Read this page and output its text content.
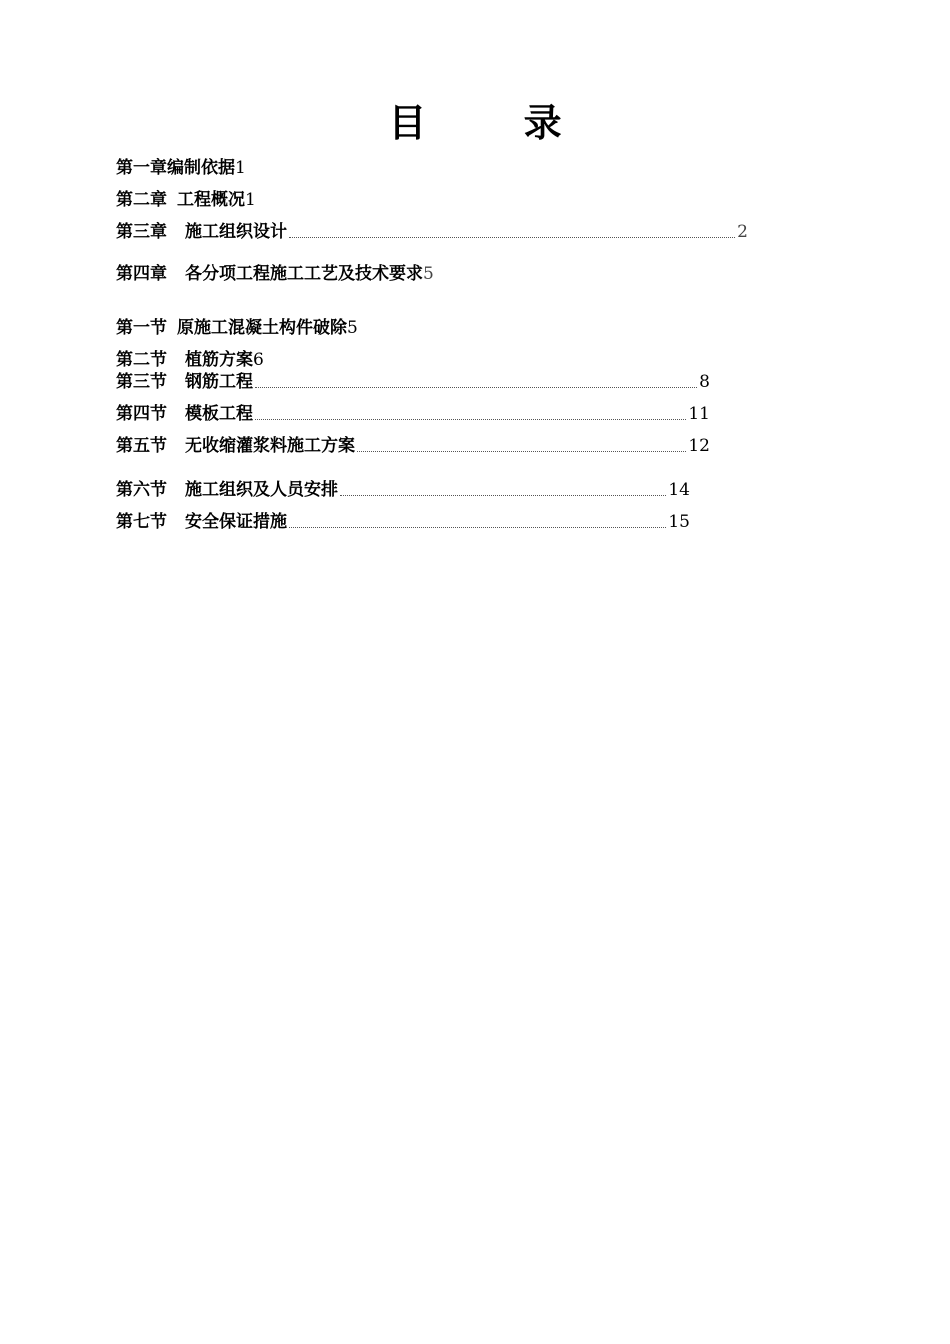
目 录
第一章 编制依据 1
第二章 工程概况 1
第三章 施工组织设计	2
第四章 各分项工程施工工艺及技术要求 5
第一节 原施工混凝土构件破除 5
第二节 植筋方案 6
第三节 钢筋工程	8
第四节 模板工程	11
第五节 无收缩灌浆料施工方案	12
第六节 施工组织及人员安排	14
第七节 安全保证措施	15
